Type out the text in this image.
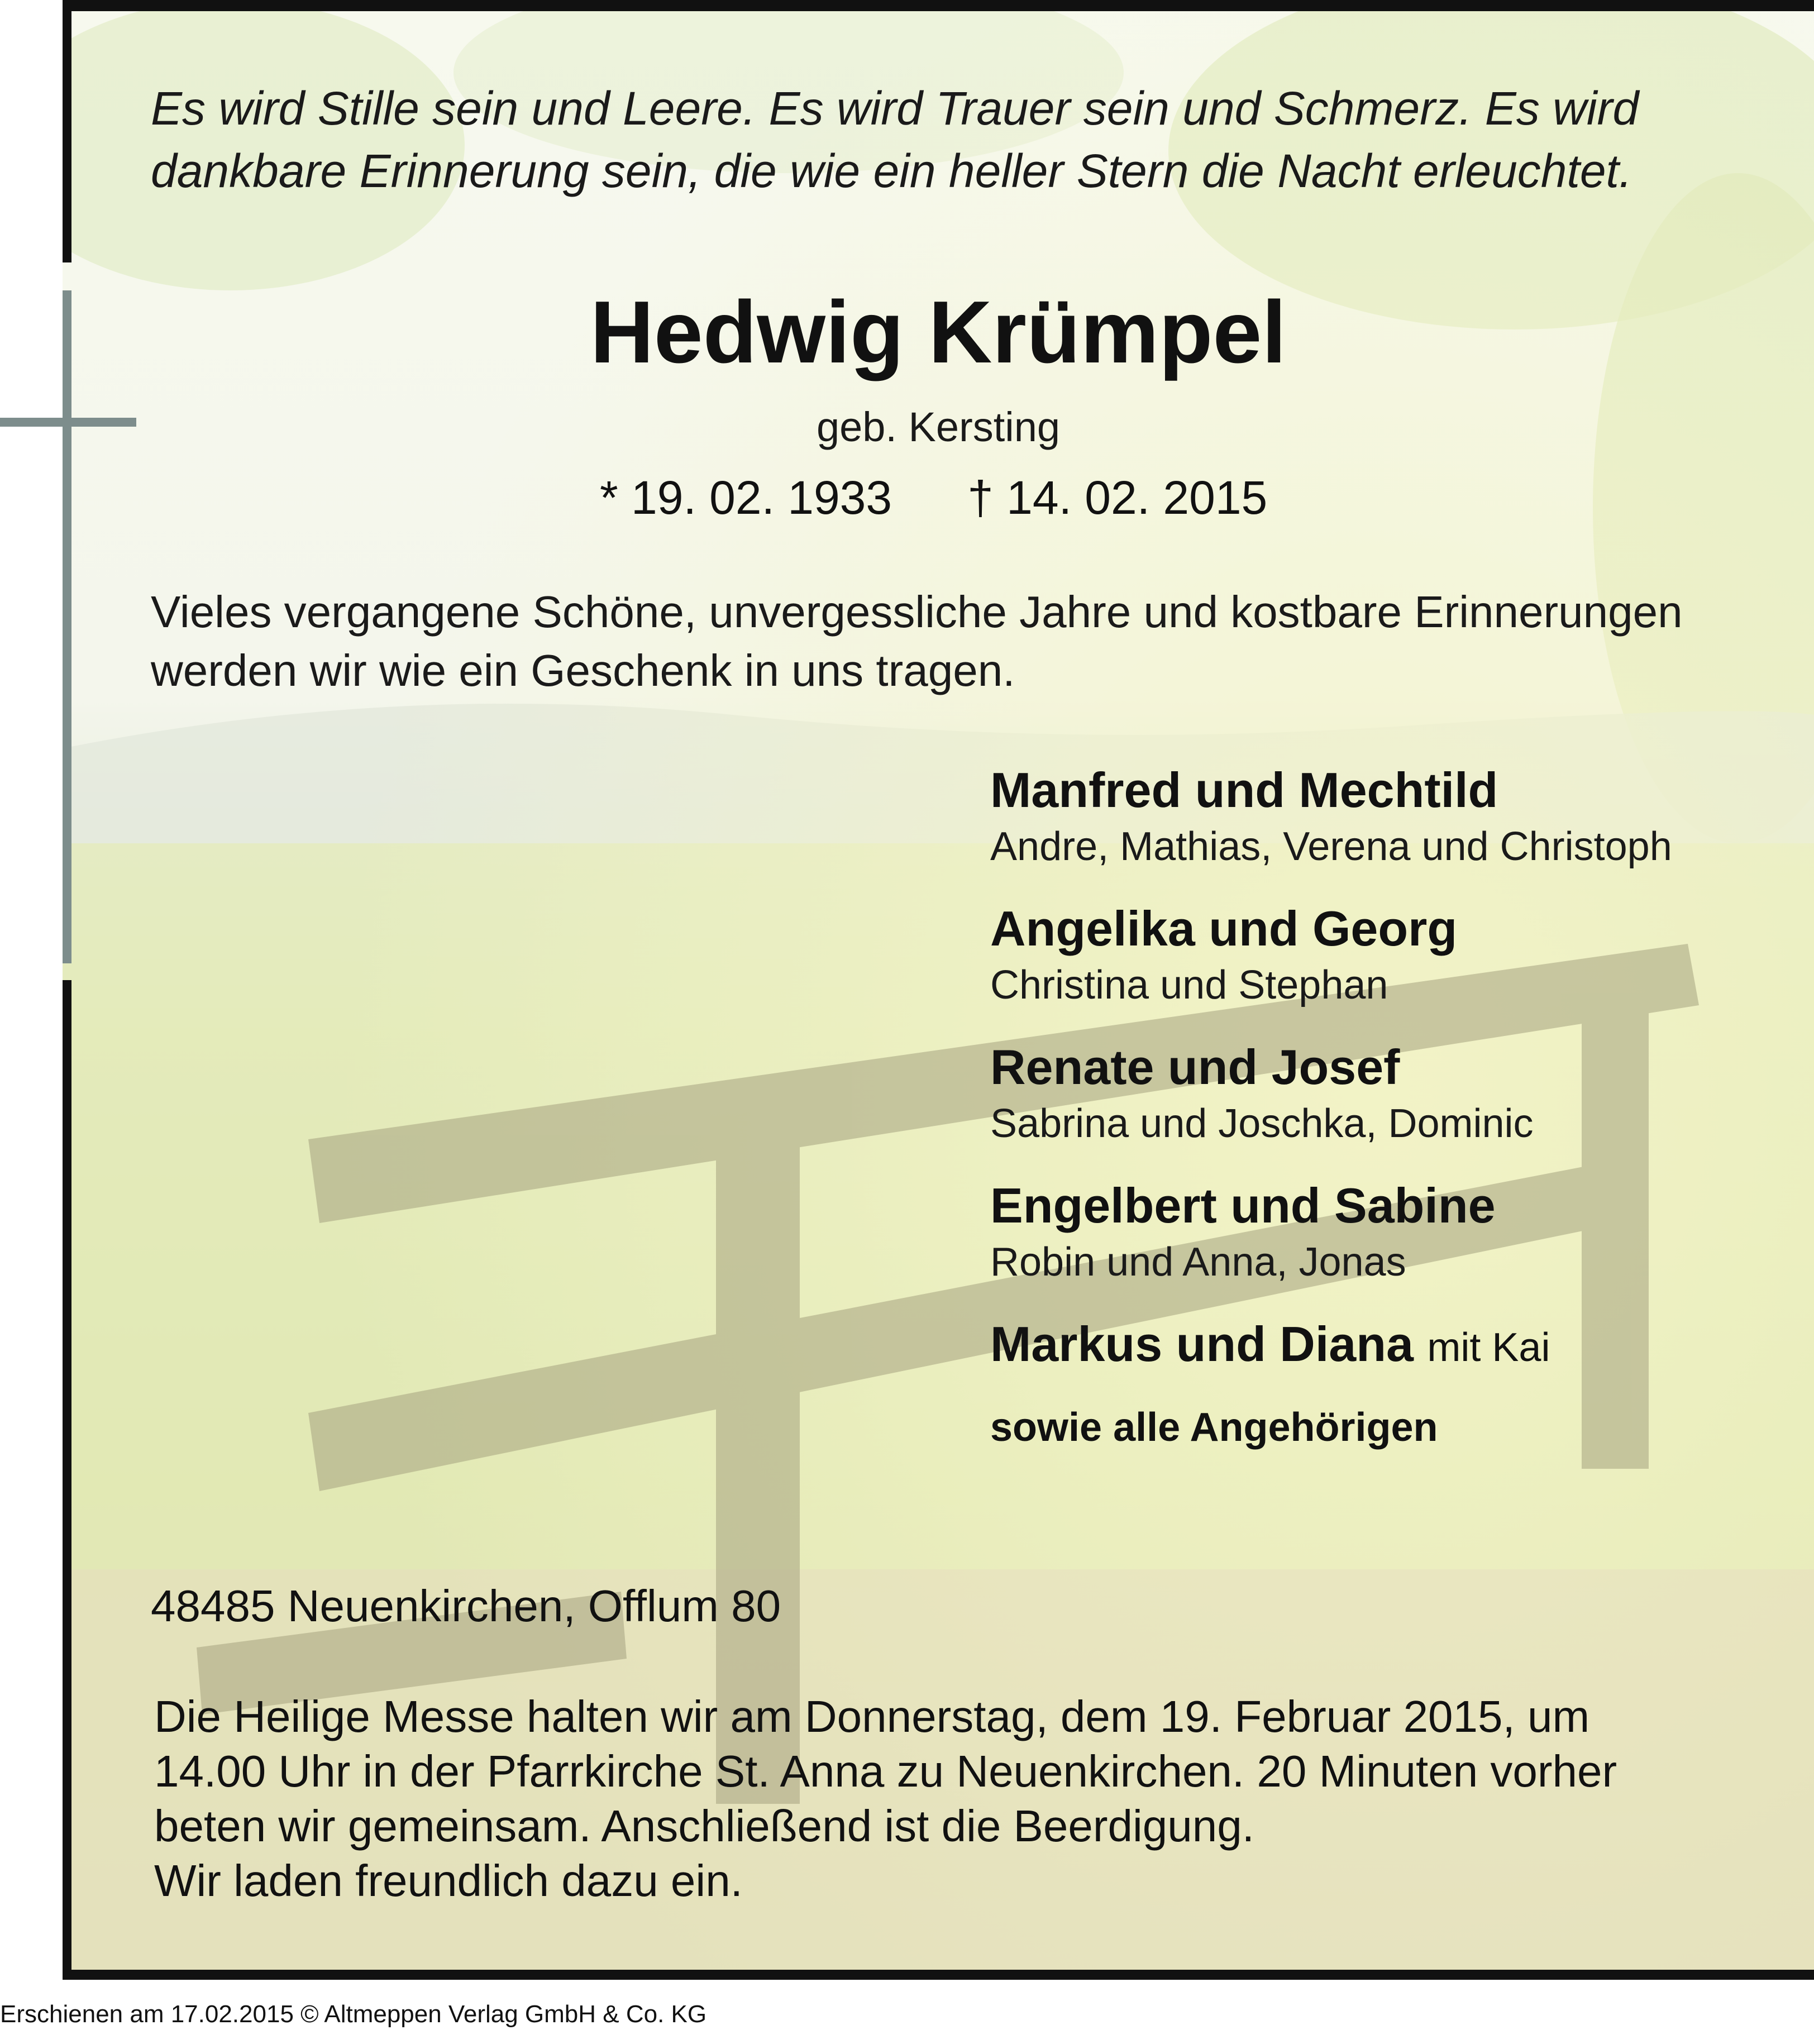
Es wird Stille sein und Leere. Es wird Trauer sein und Schmerz. Es wird
dankbare Erinnerung sein, die wie ein heller Stern die Nacht erleuchtet.
Hedwig Krümpel
geb. Kersting
* 19. 02. 1933 † 14. 02. 2015
Vieles vergangene Schöne, unvergessliche Jahre und kostbare Erinnerungen
werden wir wie ein Geschenk in uns tragen.
Manfred und Mechtild
Andre, Mathias, Verena und Christoph
Angelika und Georg
Christina und Stephan
Renate und Josef
Sabrina und Joschka, Dominic
Engelbert und Sabine
Robin und Anna, Jonas
Markus und Diana mit Kai
sowie alle Angehörigen
48485 Neuenkirchen, Offlum 80
Die Heilige Messe halten wir am Donnerstag, dem 19. Februar 2015, um
14.00 Uhr in der Pfarrkirche St. Anna zu Neuenkirchen. 20 Minuten vorher
beten wir gemeinsam. Anschließend ist die Beerdigung.
Wir laden freundlich dazu ein.
Erschienen am 17.02.2015 © Altmeppen Verlag GmbH & Co. KG
